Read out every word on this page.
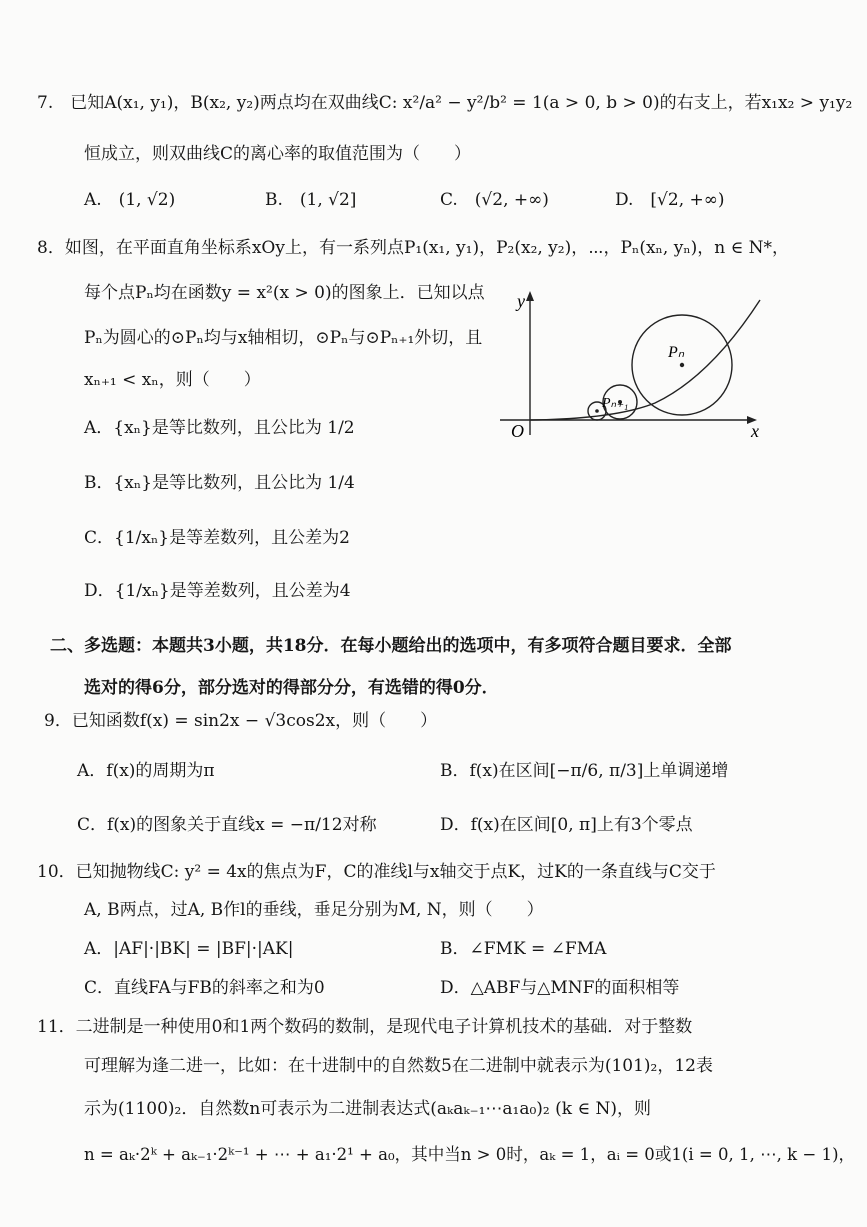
7.　已知A(x₁, y₁)，B(x₂, y₂)两点均在双曲线C: x²/a² − y²/b² = 1(a > 0, b > 0)的右支上，若x₁x₂ > y₁y₂
恒成立，则双曲线C的离心率的取值范围为（　　）
A.　(1, √2)	B.　(1, √2]	C.　(√2, +∞)	D.　[√2, +∞)
8．如图，在平面直角坐标系xOy上，有一系列点P₁(x₁, y₁)，P₂(x₂, y₂)，⋯，Pₙ(xₙ, yₙ)，n ∈ N*，
每个点Pₙ均在函数y = x²(x > 0)的图象上．已知以点
Pₙ为圆心的⊙Pₙ均与x轴相切，⊙Pₙ与⊙Pₙ₊₁外切，且
xₙ₊₁ < xₙ，则（　　）
A．{xₙ}是等比数列，且公比为 1/2
B．{xₙ}是等比数列，且公比为 1/4
C．{1/xₙ}是等差数列，且公差为2
D．{1/xₙ}是等差数列，且公差为4
y
x
O
Pₙ
Pₙ₊₁
二、多选题：本题共3小题，共18分．在每小题给出的选项中，有多项符合题目要求．全部
选对的得6分，部分选对的得部分分，有选错的得0分．
9．已知函数f(x) = sin2x − √3cos2x，则（　　）
A．f(x)的周期为π	B．f(x)在区间[−π/6, π/3]上单调递增
C．f(x)的图象关于直线x = −π/12对称	D．f(x)在区间[0, π]上有3个零点
10．已知抛物线C: y² = 4x的焦点为F，C的准线l与x轴交于点K，过K的一条直线与C交于
A, B两点，过A, B作l的垂线，垂足分别为M, N，则（　　）
A．|AF|·|BK| = |BF|·|AK|	B．∠FMK = ∠FMA
C．直线FA与FB的斜率之和为0	D．△ABF与△MNF的面积相等
11．二进制是一种使用0和1两个数码的数制，是现代电子计算机技术的基础．对于整数
可理解为逢二进一，比如：在十进制中的自然数5在二进制中就表示为(101)₂，12表
示为(1100)₂．自然数n可表示为二进制表达式(aₖaₖ₋₁⋯a₁a₀)₂ (k ∈ N)，则
n = aₖ·2ᵏ + aₖ₋₁·2ᵏ⁻¹ + ⋯ + a₁·2¹ + a₀，其中当n > 0时，aₖ = 1，aᵢ = 0或1(i = 0, 1, ⋯, k − 1)，
